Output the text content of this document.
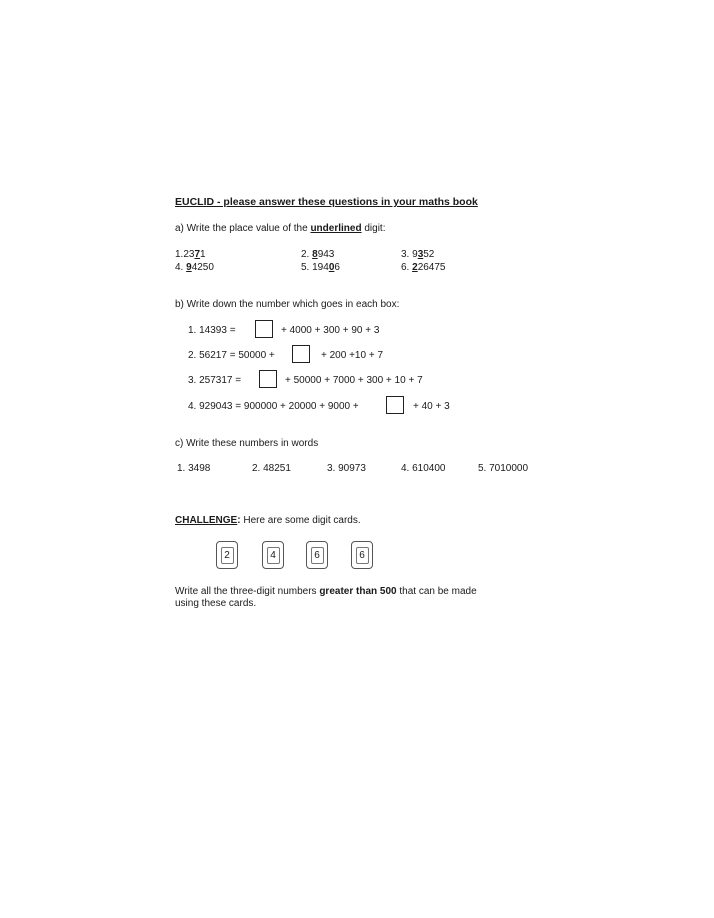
EUCLID - please answer these questions in your maths book
a) Write the place value of the underlined digit:
1.2371	2. 8943	3. 9352
4. 94250	5. 19406	6. 226475
b) Write down the number which goes in each box:
1. 14393 =	+ 4000 + 300 + 90 + 3
2. 56217 = 50000 +	+ 200 +10 + 7
3. 257317 =	+ 50000 + 7000 + 300 + 10 + 7
4. 929043 = 900000 + 20000 + 9000 +	+ 40 + 3
c) Write these numbers in words
1. 3498	2. 48251	3. 90973	4. 610400	5. 7010000
CHALLENGE: Here are some digit cards.
2	4	6	6
Write all the three-digit numbers greater than 500 that can be made
using these cards.
